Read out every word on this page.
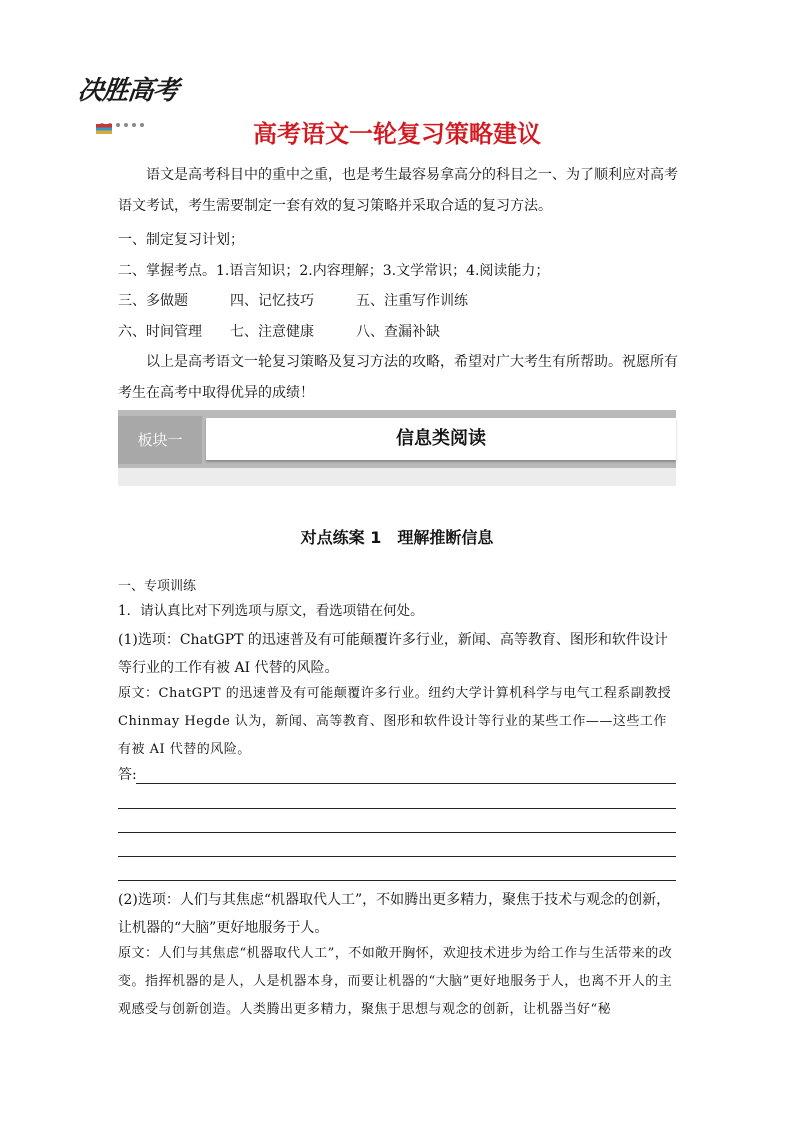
决胜高考
高考语文一轮复习策略建议
语文是高考科目中的重中之重，也是考生最容易拿高分的科目之一、为了顺利应对高考语文考试，考生需要制定一套有效的复习策略并采取合适的复习方法。
一、制定复习计划；
二、掌握考点。1.语言知识；2.内容理解；3.文学常识；4.阅读能力；
三、多做题	四、记忆技巧	五、注重写作训练
六、时间管理 七、注意健康	八、查漏补缺
以上是高考语文一轮复习策略及复习方法的攻略，希望对广大考生有所帮助。祝愿所有考生在高考中取得优异的成绩！
板块一	信息类阅读
对点练案 1　理解推断信息
一、专项训练
1．请认真比对下列选项与原文，看选项错在何处。
(1)选项：ChatGPT 的迅速普及有可能颠覆许多行业，新闻、高等教育、图形和软件设计等行业的工作有被 AI 代替的风险。
原文：ChatGPT 的迅速普及有可能颠覆许多行业。纽约大学计算机科学与电气工程系副教授 Chinmay Hegde 认为，新闻、高等教育、图形和软件设计等行业的某些工作——这些工作有被 AI 代替的风险。
答:
(2)选项：人们与其焦虑“机器取代人工”，不如腾出更多精力，聚焦于技术与观念的创新，让机器的“大脑”更好地服务于人。
原文：人们与其焦虑“机器取代人工”，不如敞开胸怀，欢迎技术进步为给工作与生活带来的改变。指挥机器的是人，人是机器本身，而要让机器的“大脑”更好地服务于人，也离不开人的主观感受与创新创造。人类腾出更多精力，聚焦于思想与观念的创新，让机器当好“秘
